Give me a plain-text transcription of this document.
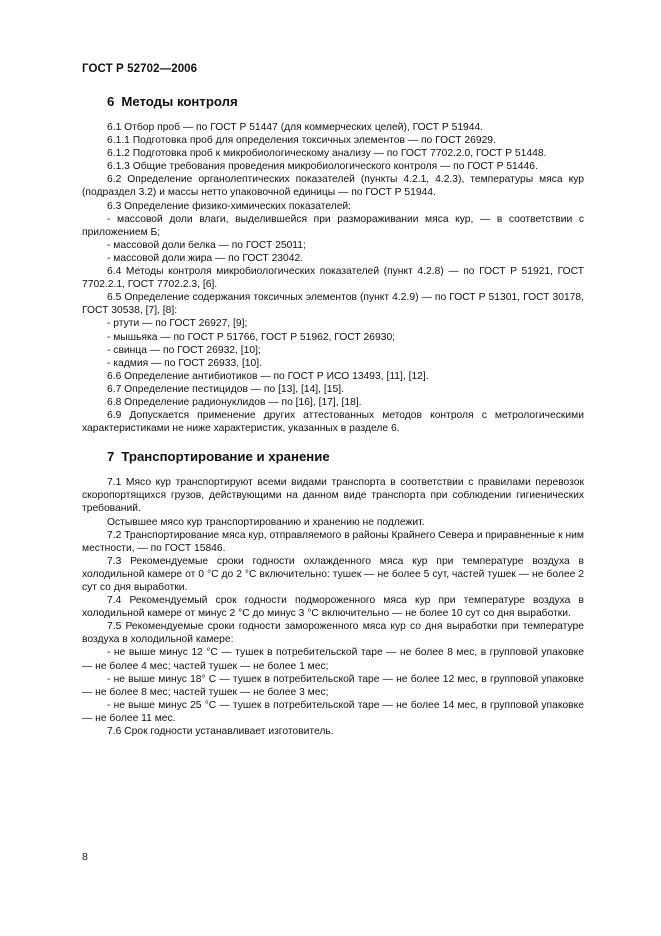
ГОСТ Р 52702—2006
6 Методы контроля

6.1 Отбор проб — по ГОСТ Р 51447 (для коммерческих целей), ГОСТ Р 51944.

6.1.1 Подготовка проб для определения токсичных элементов — по ГОСТ 26929.

6.1.2 Подготовка проб к микробиологическому анализу — по ГОСТ 7702.2.0, ГОСТ Р 51448.

6.1.3 Общие требования проведения микробиологического контроля — по ГОСТ Р 51446.

6.2 Определение органолептических показателей (пункты 4.2.1, 4.2.3), температуры мяса кур (подраздел 3.2) и массы нетто упаковочной единицы — по ГОСТ Р 51944.

6.3 Определение физико-химических показателей:

- массовой доли влаги, выделившейся при размораживании мяса кур, — в соответствии с приложением Б;

- массовой доли белка — по ГОСТ 25011;

- массовой доли жира — по ГОСТ 23042.

6.4 Методы контроля микробиологических показателей (пункт 4.2.8) — по ГОСТ Р 51921, ГОСТ 7702.2.1, ГОСТ 7702.2.3, [6].

6.5 Определение содержания токсичных элементов (пункт 4.2.9) — по ГОСТ Р 51301, ГОСТ 30178, ГОСТ 30538, [7], [8]:

- ртути — по ГОСТ 26927, [9];

- мышьяка — по ГОСТ Р 51766, ГОСТ Р 51962, ГОСТ 26930;

- свинца — по ГОСТ 26932, [10];

- кадмия — по ГОСТ 26933, [10].

6.6 Определение антибиотиков — по ГОСТ Р ИСО 13493, [11], [12].

6.7 Определение пестицидов — по [13], [14], [15].

6.8 Определение радионуклидов — по [16], [17], [18].

6.9 Допускается применение других аттестованных методов контроля с метрологическими характеристиками не ниже характеристик, указанных в разделе 6.

7 Транспортирование и хранение

7.1 Мясо кур транспортируют всеми видами транспорта в соответствии с правилами перевозок скоропортящихся грузов, действующими на данном виде транспорта при соблюдении гигиенических требований.

Остывшее мясо кур транспортированию и хранению не подлежит.

7.2 Транспортирование мяса кур, отправляемого в районы Крайнего Севера и приравненные к ним местности, — по ГОСТ 15846.

7.3 Рекомендуемые сроки годности охлажденного мяса кур при температуре воздуха в холодильной камере от 0 °С до 2 °С включительно: тушек — не более 5 сут, частей тушек — не более 2 сут со дня выработки.

7.4 Рекомендуемый срок годности подмороженного мяса кур при температуре воздуха в холодильной камере от минус 2 °С до минус 3 °С включительно — не более 10 сут со дня выработки.

7.5 Рекомендуемые сроки годности замороженного мяса кур со дня выработки при температуре воздуха в холодильной камере:

- не выше минус 12 °С — тушек в потребительской таре — не более 8 мес, в групповой упаковке — не более 4 мес; частей тушек — не более 1 мес;

- не выше минус 18° С — тушек в потребительской таре — не более 12 мес, в групповой упаковке — не более 8 мес; частей тушек — не более 3 мес;

- не выше минус 25 °С — тушек в потребительской таре — не более 14 мес, в групповой упаковке — не более 11 мес.

7.6 Срок годности устанавливает изготовитель.

8
